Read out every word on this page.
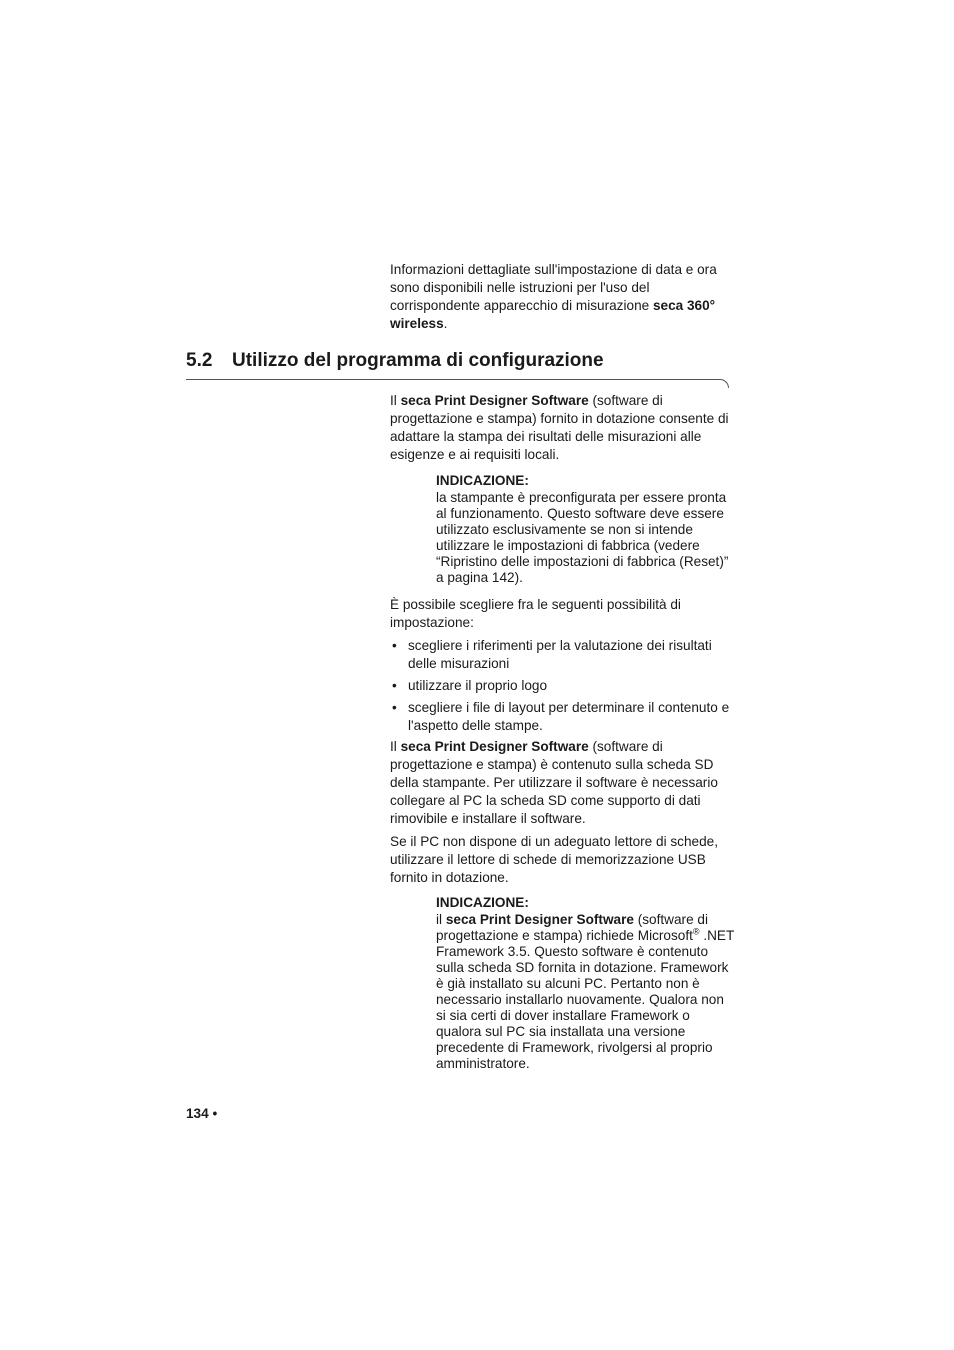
Informazioni dettagliate sull'impostazione di data e ora sono disponibili nelle istruzioni per l'uso del corrispondente apparecchio di misurazione seca 360° wireless.

5.2 Utilizzo del programma di configurazione

Il seca Print Designer Software (software di progettazione e stampa) fornito in dotazione consente di adattare la stampa dei risultati delle misurazioni alle esigenze e ai requisiti locali.

INDICAZIONE:
la stampante è preconfigurata per essere pronta al funzionamento. Questo software deve essere utilizzato esclusivamente se non si intende utilizzare le impostazioni di fabbrica (vedere “Ripristino delle impostazioni di fabbrica (Reset)” a pagina 142).

È possibile scegliere fra le seguenti possibilità di impostazione:

• scegliere i riferimenti per la valutazione dei risultati delle misurazioni
• utilizzare il proprio logo
• scegliere i file di layout per determinare il contenuto e l'aspetto delle stampe.

Il seca Print Designer Software (software di progettazione e stampa) è contenuto sulla scheda SD della stampante. Per utilizzare il software è necessario collegare al PC la scheda SD come supporto di dati rimovibile e installare il software.

Se il PC non dispone di un adeguato lettore di schede, utilizzare il lettore di schede di memorizzazione USB fornito in dotazione.

INDICAZIONE:
il seca Print Designer Software (software di progettazione e stampa) richiede Microsoft® .NET Framework 3.5. Questo software è contenuto sulla scheda SD fornita in dotazione. Framework è già installato su alcuni PC. Pertanto non è necessario installarlo nuovamente. Qualora non si sia certi di dover installare Framework o qualora sul PC sia installata una versione precedente di Framework, rivolgersi al proprio amministratore.

134 •
